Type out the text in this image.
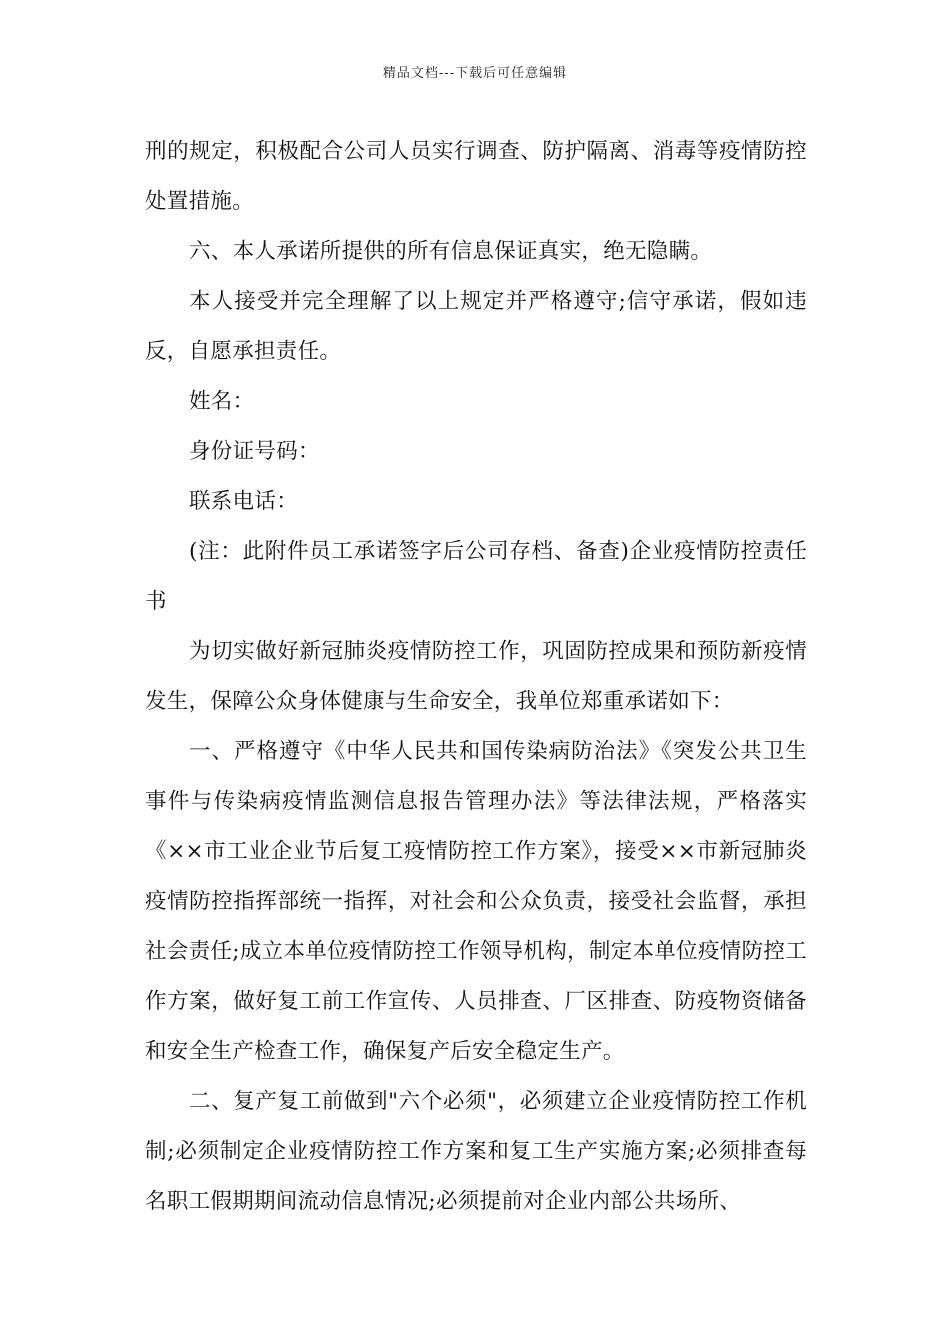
精品文档---下载后可任意编辑

刑的规定，积极配合公司人员实行调查、防护隔离、消毒等疫情防控处置措施。

六、本人承诺所提供的所有信息保证真实，绝无隐瞒。

本人接受并完全理解了以上规定并严格遵守;信守承诺，假如违反，自愿承担责任。

姓名：

身份证号码：

联系电话：

(注：此附件员工承诺签字后公司存档、备查)企业疫情防控责任书

为切实做好新冠肺炎疫情防控工作，巩固防控成果和预防新疫情发生，保障公众身体健康与生命安全，我单位郑重承诺如下：

一、严格遵守《中华人民共和国传染病防治法》《突发公共卫生事件与传染病疫情监测信息报告管理办法》等法律法规，严格落实《××市工业企业节后复工疫情防控工作方案》，接受××市新冠肺炎疫情防控指挥部统一指挥，对社会和公众负责，接受社会监督，承担社会责任;成立本单位疫情防控工作领导机构，制定本单位疫情防控工作方案，做好复工前工作宣传、人员排查、厂区排查、防疫物资储备和安全生产检查工作，确保复产后安全稳定生产。

二、复产复工前做到"六个必须"，必须建立企业疫情防控工作机制;必须制定企业疫情防控工作方案和复工生产实施方案;必须排查每名职工假期期间流动信息情况;必须提前对企业内部公共场所、
